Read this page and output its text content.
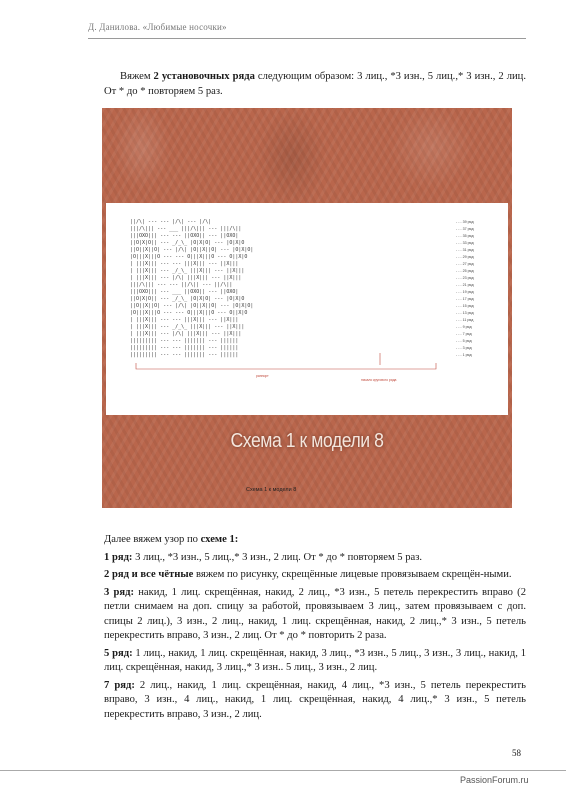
Д. Данилова. «Любимые носочки»
Вяжем 2 установочных ряда следующим образом: 3 лиц., *3 изн., 5 лиц.,* 3 изн., 2 лиц. От * до * повторяем 5 раз.
||/\| --- --- |/\| --- |/\|
|||/\||| --- ___ |||/\||| --- |||/\||
|||OXO||| --- --- ||OXO|| --- ||OXO|
||O|X|O|| --- _/_\_ |O|X|O| --- |O|X|O
||O||X||O| --- |/\| |O||X||O| --- |O|X|O|
|O|||X|||O --- --- O|||X|||O --- O||X|O
| |||X||| --- --- |||X||| --- ||X|||
| |||X||| --- _/_\_ |||X||| --- ||X|||
| |||X||| --- |/\| |||X||| --- ||X|||
|||/\||| --- --- ||/\|| --- ||/\||
|||OXO||| --- ___ ||OXO|| --- ||OXO|
||O|X|O|| --- _/_\_ |O|X|O| --- |O|X|O
||O||X||O| --- |/\| |O||X||O| --- |O|X|O|
|O|||X|||O --- --- O|||X|||O --- O||X|O
| |||X||| --- --- |||X||| --- ||X|||
| |||X||| --- _/_\_ |||X||| --- ||X|||
| |||X||| --- |/\| |||X||| --- ||X|||
||||||||| --- --- ||||||| --- ||||||
||||||||| --- --- ||||||| --- ||||||
||||||||| --- --- ||||||| --- ||||||
- - - 39 ряд
- - - 37 ряд
- - - 35 ряд
- - - 33 ряд
- - - 31 ряд
- - - 29 ряд
- - - 27 ряд
- - - 25 ряд
- - - 23 ряд
- - - 21 ряд
- - - 19 ряд
- - - 17 ряд
- - - 15 ряд
- - - 13 ряд
- - - 11 ряд
- - - 9 ряд
- - - 7 ряд
- - - 5 ряд
- - - 3 ряд
- - - 1 ряд
раппорт
начало кругового ряда
Схема 1 к модели 8
Схема 1 к модели 8

Далее вяжем узор по схеме 1:

1 ряд: 3 лиц., *3 изн., 5 лиц.,* 3 изн., 2 лиц. От * до * повторяем 5 раз.

2 ряд и все чётные вяжем по рисунку, скрещённые лицевые провязываем скрещён-ными.

3 ряд: накид, 1 лиц. скрещённая, накид, 2 лиц., *3 изн., 5 петель перекрестить вправо (2 петли снимаем на доп. спицу за работой, провязываем 3 лиц., затем провязываем с доп. спицы 2 лиц.), 3 изн., 2 лиц., накид, 1 лиц. скрещённая, накид, 2 лиц.,* 3 изн., 5 петель перекрестить вправо, 3 изн., 2 лиц. От * до * повторить 2 раза.

5 ряд: 1 лиц., накид, 1 лиц. скрещённая, накид, 3 лиц., *3 изн., 5 лиц., 3 изн., 3 лиц., накид, 1 лиц. скрещённая, накид, 3 лиц.,* 3 изн.. 5 лиц., 3 изн., 2 лиц.

7 ряд: 2 лиц., накид, 1 лиц. скрещённая, накид, 4 лиц., *3 изн., 5 петель перекрестить вправо, 3 изн., 4 лиц., накид, 1 лиц. скрещённая, накид, 4 лиц.,* 3 изн., 5 петель перекрестить вправо, 3 изн., 2 лиц.

58
PassionForum.ru
